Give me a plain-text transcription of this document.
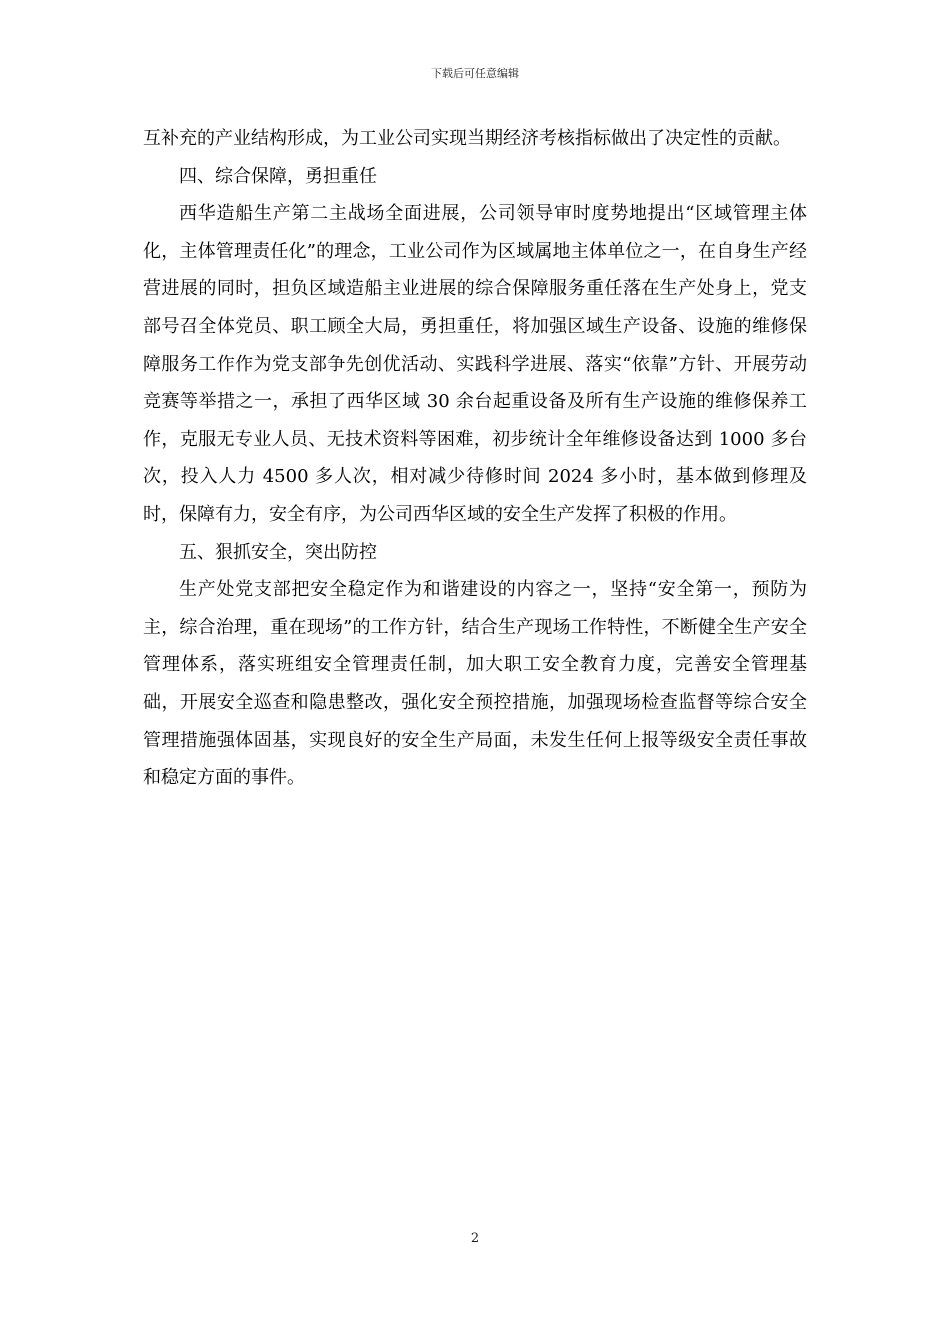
下载后可任意编辑

互补充的产业结构形成，为工业公司实现当期经济考核指标做出了决定性的贡献。

四、综合保障，勇担重任

西华造船生产第二主战场全面进展，公司领导审时度势地提出“区域管理主体化，主体管理责任化”的理念，工业公司作为区域属地主体单位之一，在自身生产经营进展的同时，担负区域造船主业进展的综合保障服务重任落在生产处身上，党支部号召全体党员、职工顾全大局，勇担重任，将加强区域生产设备、设施的维修保障服务工作作为党支部争先创优活动、实践科学进展、落实“依靠”方针、开展劳动竞赛等举措之一，承担了西华区域 30 余台起重设备及所有生产设施的维修保养工作，克服无专业人员、无技术资料等困难，初步统计全年维修设备达到 1000 多台次，投入人力 4500 多人次，相对减少待修时间 2024 多小时，基本做到修理及时，保障有力，安全有序，为公司西华区域的安全生产发挥了积极的作用。

五、狠抓安全，突出防控

生产处党支部把安全稳定作为和谐建设的内容之一，坚持“安全第一，预防为主，综合治理，重在现场”的工作方针，结合生产现场工作特性，不断健全生产安全管理体系，落实班组安全管理责任制，加大职工安全教育力度，完善安全管理基础，开展安全巡查和隐患整改，强化安全预控措施，加强现场检查监督等综合安全管理措施强体固基，实现良好的安全生产局面，未发生任何上报等级安全责任事故和稳定方面的事件。

2
